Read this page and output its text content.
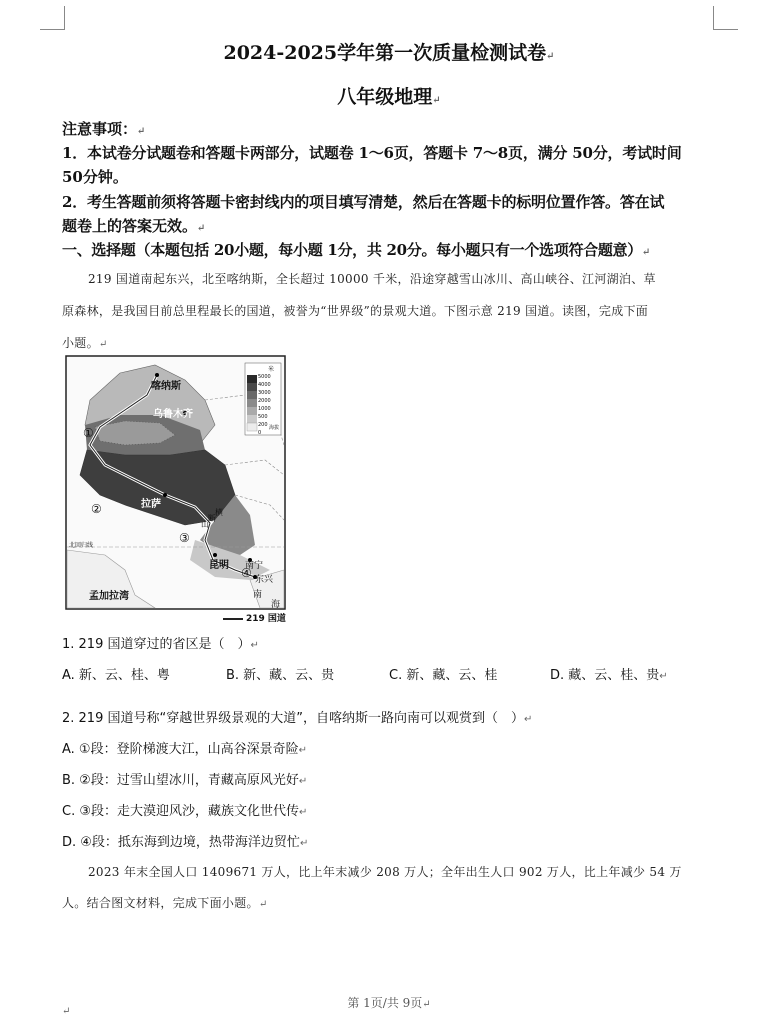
2024-2025学年第一次质量检测试卷↵
八年级地理↵
注意事项：↵
1．本试卷分试题卷和答题卡两部分，试题卷 1～6页，答题卡 7～8页，满分 50分，考试时间
50分钟。
2．考生答题前须将答题卡密封线内的项目填写清楚，然后在答题卡的标明位置作答。答在试
题卷上的答案无效。↵
一、选择题（本题包括 20小题，每小题 1分，共 20分。每小题只有一个选项符合题意）↵
219 国道南起东兴，北至喀纳斯，全长超过 10000 千米，沿途穿越雪山冰川、高山峡谷、江河湖泊、草
原森林，是我国目前总里程最长的国道，被誉为“世界级”的景观大道。下图示意 219 国道。读图，完成下面
小题。↵
米
5000
4000
3000
2000
1000
500
200
0
海拔
喀纳斯
乌鲁木齐
拉萨
横
断
山
昆明 南宁
东兴
孟加拉湾	南
海
北回归线
①
②
③
④
219 国道
1. 219 国道穿过的省区是（　）↵
A. 新、云、桂、粤	B. 新、藏、云、贵	C. 新、藏、云、桂	D. 藏、云、桂、贵↵
2. 219 国道号称“穿越世界级景观的大道”，自喀纳斯一路向南可以观赏到（　）↵
A. ①段：登阶梯渡大江，山高谷深景奇险↵
B. ②段：过雪山望冰川，青藏高原风光好↵
C. ③段：走大漠迎风沙，藏族文化世代传↵
D. ④段：抵东海到边境，热带海洋边贸忙↵
2023 年末全国人口 1409671 万人，比上年末减少 208 万人；全年出生人口 902 万人，比上年减少 54 万
人。结合图文材料，完成下面小题。↵
第 1页/共 9页↵
↵
